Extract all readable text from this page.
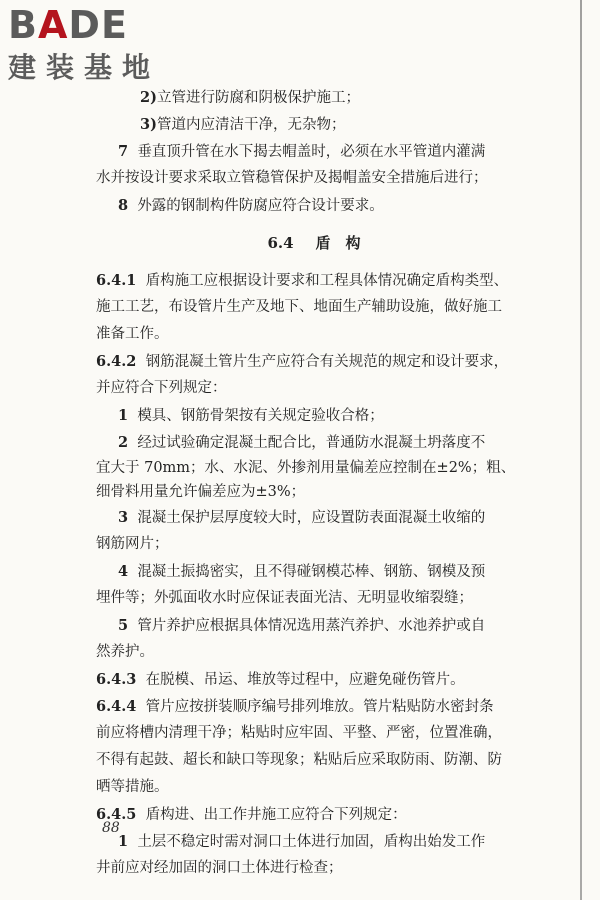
BADE
建装基地
2)立管进行防腐和阴极保护施工；
3)管道内应清洁干净，无杂物；
7 垂直顶升管在水下揭去帽盖时，必须在水平管道内灌满
水并按设计要求采取立管稳管保护及揭帽盖安全措施后进行；
8 外露的钢制构件防腐应符合设计要求。
6.4 盾　构
6.4.1 盾构施工应根据设计要求和工程具体情况确定盾构类型、
施工工艺，布设管片生产及地下、地面生产辅助设施，做好施工
准备工作。
6.4.2 钢筋混凝土管片生产应符合有关规范的规定和设计要求，
并应符合下列规定：
1 模具、钢筋骨架按有关规定验收合格；
2 经过试验确定混凝土配合比，普通防水混凝土坍落度不
宜大于 70mm；水、水泥、外掺剂用量偏差应控制在±2%；粗、
细骨料用量允许偏差应为±3%；
3 混凝土保护层厚度较大时，应设置防表面混凝土收缩的
钢筋网片；
4 混凝土振捣密实，且不得碰钢模芯棒、钢筋、钢模及预
埋件等；外弧面收水时应保证表面光洁、无明显收缩裂缝；
5 管片养护应根据具体情况选用蒸汽养护、水池养护或自
然养护。
6.4.3 在脱模、吊运、堆放等过程中，应避免碰伤管片。
6.4.4 管片应按拼装顺序编号排列堆放。管片粘贴防水密封条
前应将槽内清理干净；粘贴时应牢固、平整、严密，位置准确，
不得有起鼓、超长和缺口等现象；粘贴后应采取防雨、防潮、防
晒等措施。
6.4.5 盾构进、出工作井施工应符合下列规定：
1 土层不稳定时需对洞口土体进行加固，盾构出始发工作
井前应对经加固的洞口土体进行检查；
88
